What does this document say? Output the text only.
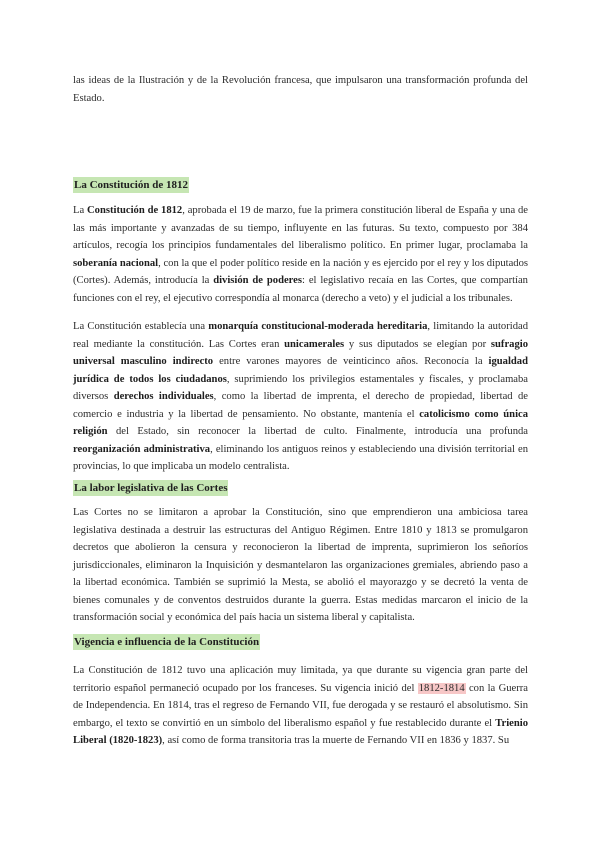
las ideas de la Ilustración y de la Revolución francesa, que impulsaron una transformación profunda del Estado.

La Constitución de 1812

La Constitución de 1812, aprobada el 19 de marzo, fue la primera constitución liberal de España y una de las más importante y avanzadas de su tiempo, influyente en las futuras. Su texto, compuesto por 384 artículos, recogía los principios fundamentales del liberalismo político. En primer lugar, proclamaba la soberanía nacional, con la que el poder político reside en la nación y es ejercido por el rey y los diputados (Cortes). Además, introducía la división de poderes: el legislativo recaía en las Cortes, que compartían funciones con el rey, el ejecutivo correspondía al monarca (derecho a veto) y el judicial a los tribunales.

La Constitución establecía una monarquía constitucional-moderada hereditaria, limitando la autoridad real mediante la constitución. Las Cortes eran unicamerales y sus diputados se elegían por sufragio universal masculino indirecto entre varones mayores de veinticinco años. Reconocía la igualdad jurídica de todos los ciudadanos, suprimiendo los privilegios estamentales y fiscales, y proclamaba diversos derechos individuales, como la libertad de imprenta, el derecho de propiedad, libertad de comercio e industria y la libertad de pensamiento. No obstante, mantenía el catolicismo como única religión del Estado, sin reconocer la libertad de culto. Finalmente, introducía una profunda reorganización administrativa, eliminando los antiguos reinos y estableciendo una división territorial en provincias, lo que implicaba un modelo centralista.

La labor legislativa de las Cortes

Las Cortes no se limitaron a aprobar la Constitución, sino que emprendieron una ambiciosa tarea legislativa destinada a destruir las estructuras del Antiguo Régimen. Entre 1810 y 1813 se promulgaron decretos que abolieron la censura y reconocieron la libertad de imprenta, suprimieron los señoríos jurisdiccionales, eliminaron la Inquisición y desmantelaron las organizaciones gremiales, abriendo paso a la libertad económica. También se suprimió la Mesta, se abolió el mayorazgo y se decretó la venta de bienes comunales y de conventos destruidos durante la guerra. Estas medidas marcaron el inicio de la transformación social y económica del país hacia un sistema liberal y capitalista.

Vigencia e influencia de la Constitución

La Constitución de 1812 tuvo una aplicación muy limitada, ya que durante su vigencia gran parte del territorio español permaneció ocupado por los franceses. Su vigencia inició del 1812-1814 con la Guerra de Independencia. En 1814, tras el regreso de Fernando VII, fue derogada y se restauró el absolutismo. Sin embargo, el texto se convirtió en un símbolo del liberalismo español y fue restablecido durante el Trienio Liberal (1820-1823), así como de forma transitoria tras la muerte de Fernando VII en 1836 y 1837. Su
